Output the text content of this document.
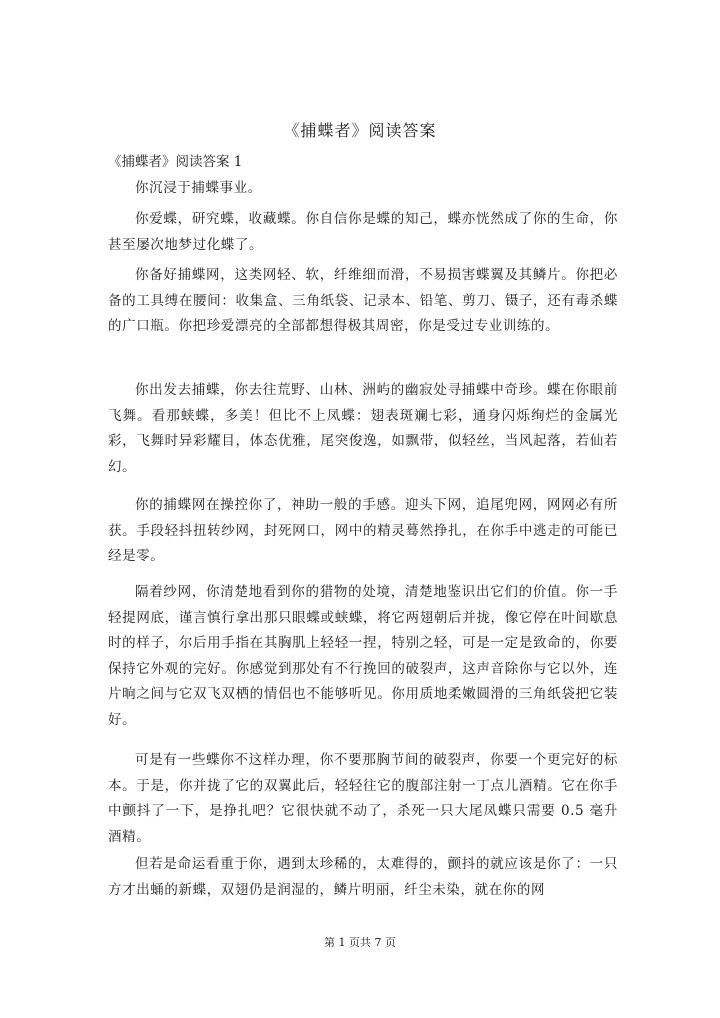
《捕蝶者》阅读答案
《捕蝶者》阅读答案 1

你沉浸于捕蝶事业。

你爱蝶，研究蝶，收藏蝶。你自信你是蝶的知己，蝶亦恍然成了你的生命，你甚至屡次地梦过化蝶了。

你备好捕蝶网，这类网轻、软，纤维细而滑，不易损害蝶翼及其鳞片。你把必备的工具缚在腰间：收集盒、三角纸袋、记录本、铅笔、剪刀、镊子，还有毒杀蝶的广口瓶。你把珍爱漂亮的全部都想得极其周密，你是受过专业训练的。

你出发去捕蝶，你去往荒野、山林、洲屿的幽寂处寻捕蝶中奇珍。蝶在你眼前飞舞。看那蛱蝶，多美！但比不上凤蝶：翅表斑斓七彩，通身闪烁绚烂的金属光彩，飞舞时异彩耀目，体态优雅，尾突俊逸，如飘带，似轻丝，当风起落，若仙若幻。

你的捕蝶网在操控你了，神助一般的手感。迎头下网，追尾兜网，网网必有所获。手段轻抖扭转纱网，封死网口，网中的精灵蓦然挣扎，在你手中逃走的可能已经是零。

隔着纱网，你清楚地看到你的猎物的处境，清楚地鉴识出它们的价值。你一手轻提网底，谨言慎行拿出那只眼蝶或蛱蝶，将它两翅朝后并拢，像它停在叶间歇息时的样子，尔后用手指在其胸肌上轻轻一捏，特别之轻，可是一定是致命的，你要保持它外观的完好。你感觉到那处有不行挽回的破裂声，这声音除你与它以外，连片晌之间与它双飞双栖的情侣也不能够听见。你用质地柔嫩圆滑的三角纸袋把它装好。

可是有一些蝶你不这样办理，你不要那胸节间的破裂声，你要一个更完好的标本。于是，你并拢了它的双翼此后，轻轻往它的腹部注射一丁点儿酒精。它在你手中颤抖了一下，是挣扎吧？它很快就不动了，杀死一只大尾凤蝶只需要 0.5 毫升酒精。

但若是命运看重于你，遇到太珍稀的，太难得的，颤抖的就应该是你了：一只方才出蛹的新蝶，双翅仍是润湿的，鳞片明丽，纤尘未染，就在你的网

第 1 页共 7 页
